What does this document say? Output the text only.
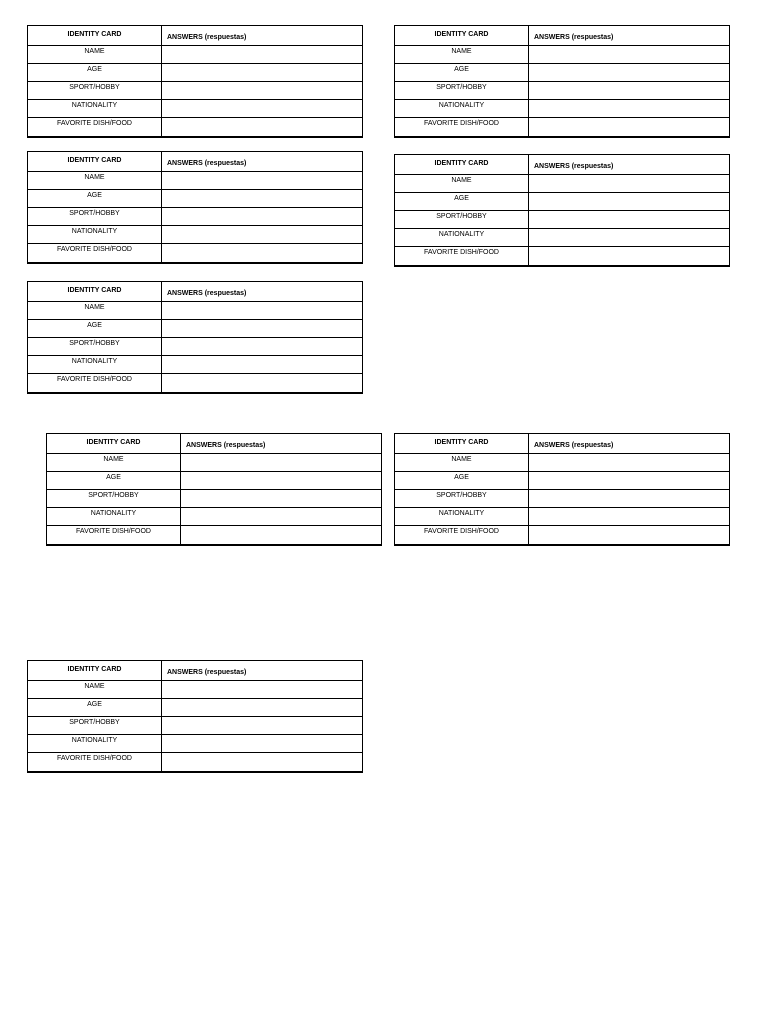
IDENTITY CARD	ANSWERS (respuestas)
NAME
AGE
SPORT/HOBBY
NATIONALITY
FAVORITE DISH/FOOD
IDENTITY CARD	ANSWERS (respuestas)
NAME
AGE
SPORT/HOBBY
NATIONALITY
FAVORITE DISH/FOOD
IDENTITY CARD	ANSWERS (respuestas)
NAME
AGE
SPORT/HOBBY
NATIONALITY
FAVORITE DISH/FOOD
IDENTITY CARD	ANSWERS (respuestas)
NAME
AGE
SPORT/HOBBY
NATIONALITY
FAVORITE DISH/FOOD
IDENTITY CARD	ANSWERS (respuestas)
NAME
AGE
SPORT/HOBBY
NATIONALITY
FAVORITE DISH/FOOD
IDENTITY CARD	ANSWERS (respuestas)
NAME
AGE
SPORT/HOBBY
NATIONALITY
FAVORITE DISH/FOOD
IDENTITY CARD	ANSWERS (respuestas)
NAME
AGE
SPORT/HOBBY
NATIONALITY
FAVORITE DISH/FOOD
IDENTITY CARD	ANSWERS (respuestas)
NAME
AGE
SPORT/HOBBY
NATIONALITY
FAVORITE DISH/FOOD
